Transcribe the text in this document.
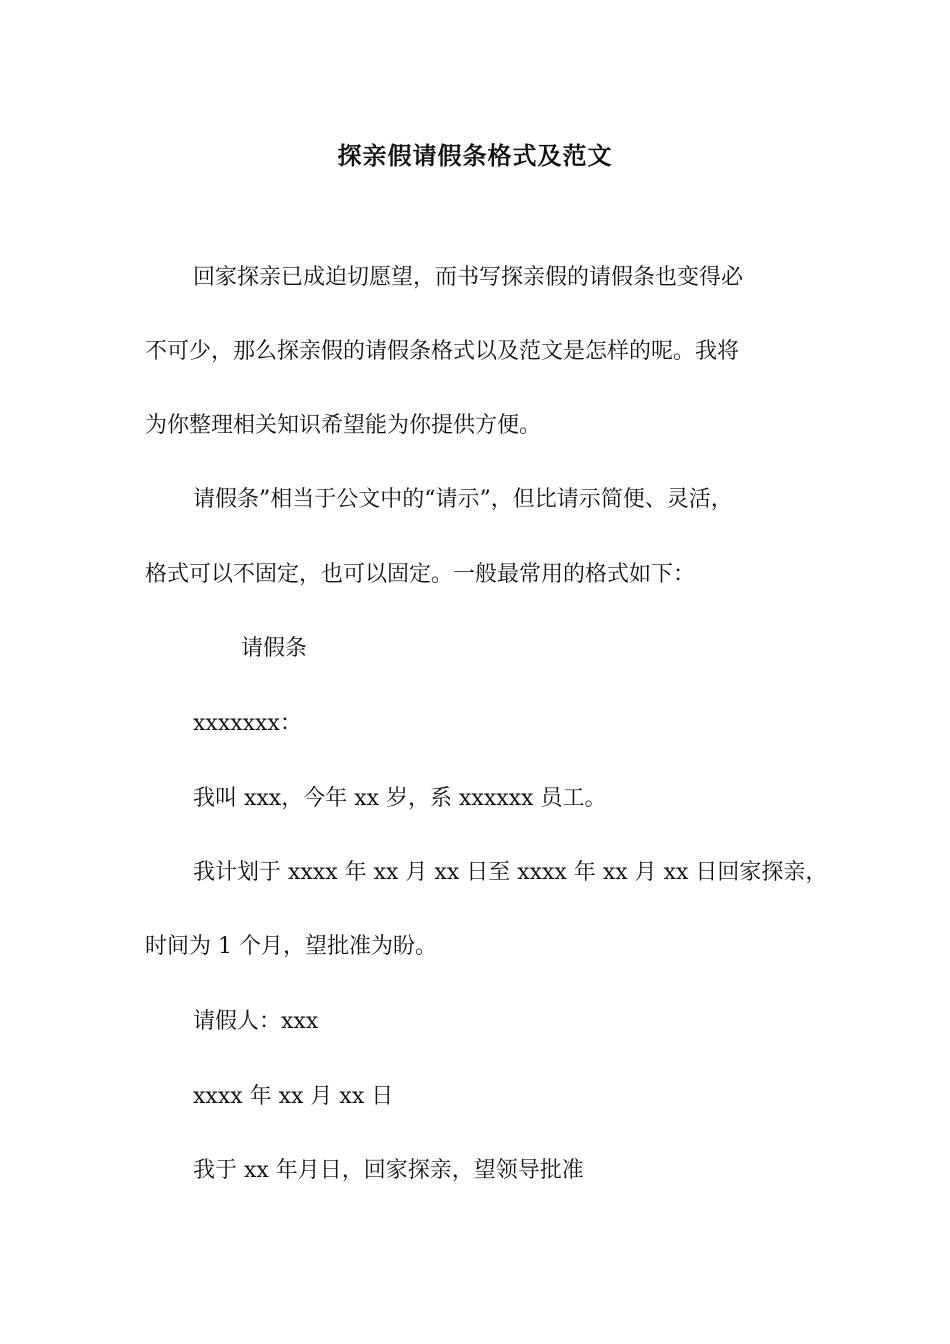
探亲假请假条格式及范文
回家探亲已成迫切愿望，而书写探亲假的请假条也变得必
不可少，那么探亲假的请假条格式以及范文是怎样的呢。我将
为你整理相关知识希望能为你提供方便。
请假条”相当于公文中的“请示”，但比请示简便、灵活，
格式可以不固定，也可以固定。一般最常用的格式如下：
请假条
xxxxxxx：
我叫 xxx，今年 xx 岁，系 xxxxxx 员工。
我计划于 xxxx 年 xx 月 xx 日至 xxxx 年 xx 月 xx 日回家探亲，
时间为 1 个月，望批准为盼。
请假人：xxx
xxxx 年 xx 月 xx 日
我于 xx 年月日，回家探亲，望领导批准
